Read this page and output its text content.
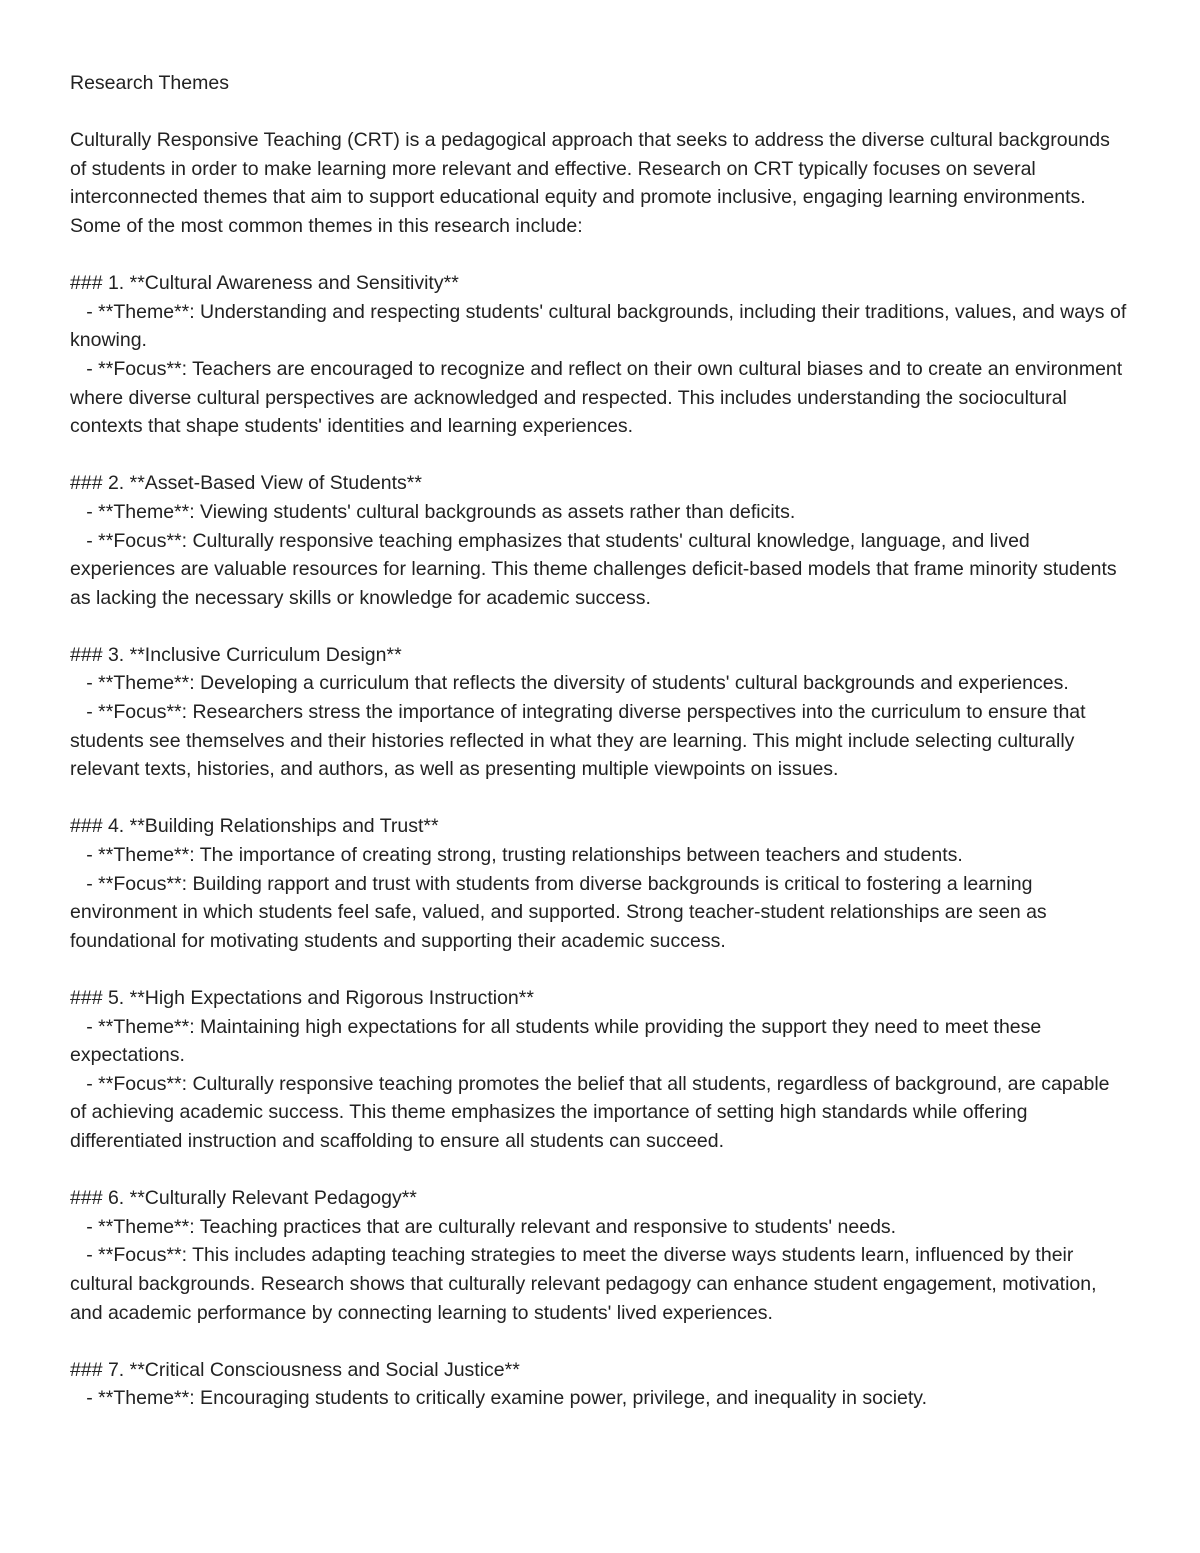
Research Themes

Culturally Responsive Teaching (CRT) is a pedagogical approach that seeks to address the diverse cultural backgrounds of students in order to make learning more relevant and effective. Research on CRT typically focuses on several interconnected themes that aim to support educational equity and promote inclusive, engaging learning environments. Some of the most common themes in this research include:

### 1. **Cultural Awareness and Sensitivity**

- **Theme**: Understanding and respecting students' cultural backgrounds, including their traditions, values, and ways of knowing.

- **Focus**: Teachers are encouraged to recognize and reflect on their own cultural biases and to create an environment where diverse cultural perspectives are acknowledged and respected. This includes understanding the sociocultural contexts that shape students' identities and learning experiences.

### 2. **Asset-Based View of Students**

- **Theme**: Viewing students' cultural backgrounds as assets rather than deficits.

- **Focus**: Culturally responsive teaching emphasizes that students' cultural knowledge, language, and lived experiences are valuable resources for learning. This theme challenges deficit-based models that frame minority students as lacking the necessary skills or knowledge for academic success.

### 3. **Inclusive Curriculum Design**

- **Theme**: Developing a curriculum that reflects the diversity of students' cultural backgrounds and experiences.

- **Focus**: Researchers stress the importance of integrating diverse perspectives into the curriculum to ensure that students see themselves and their histories reflected in what they are learning. This might include selecting culturally relevant texts, histories, and authors, as well as presenting multiple viewpoints on issues.

### 4. **Building Relationships and Trust**

- **Theme**: The importance of creating strong, trusting relationships between teachers and students.

- **Focus**: Building rapport and trust with students from diverse backgrounds is critical to fostering a learning environment in which students feel safe, valued, and supported. Strong teacher-student relationships are seen as foundational for motivating students and supporting their academic success.

### 5. **High Expectations and Rigorous Instruction**

- **Theme**: Maintaining high expectations for all students while providing the support they need to meet these expectations.

- **Focus**: Culturally responsive teaching promotes the belief that all students, regardless of background, are capable of achieving academic success. This theme emphasizes the importance of setting high standards while offering differentiated instruction and scaffolding to ensure all students can succeed.

### 6. **Culturally Relevant Pedagogy**

- **Theme**: Teaching practices that are culturally relevant and responsive to students' needs.

- **Focus**: This includes adapting teaching strategies to meet the diverse ways students learn, influenced by their cultural backgrounds. Research shows that culturally relevant pedagogy can enhance student engagement, motivation, and academic performance by connecting learning to students' lived experiences.

### 7. **Critical Consciousness and Social Justice**

- **Theme**: Encouraging students to critically examine power, privilege, and inequality in society.
